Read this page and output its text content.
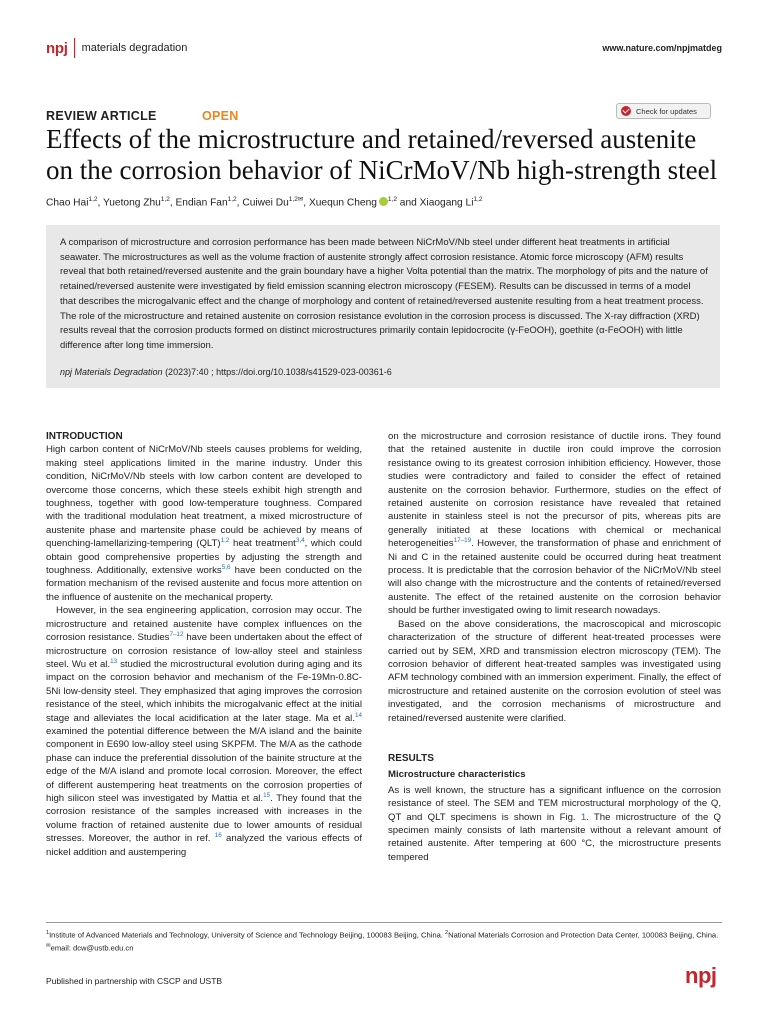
npj materials degradation	www.nature.com/npjmatdeg
REVIEW ARTICLE	OPEN	Check for updates
Effects of the microstructure and retained/reversed austenite on the corrosion behavior of NiCrMoV/Nb high-strength steel
Chao Hai$^{1,2}$, Yuetong Zhu$^{1,2}$, Endian Fan$^{1,2}$, Cuiwei $Du^{1,2✉}$, Xuequn Cheng $^{1,2}$ and Xiaogang Li$^{1,2}$
A comparison of microstructure and corrosion performance has been made between NiCrMoV/Nb steel under different heat treatments in artificial seawater. The microstructures as well as the volume fraction of austenite strongly affect corrosion resistance. Atomic force microscopy (AFM) results reveal that both retained/reversed austenite and the grain boundary have a higher Volta potential than the matrix. The morphology of pits and the nature of retained/reversed austenite were investigated by field emission scanning electron microscopy (FESEM). Results can be discussed in terms of a model that describes the microgalvanic effect and the change of morphology and content of retained/reversed austenite resulting from a heat treatment process. The role of the microstructure and retained austenite on corrosion resistance evolution in the corrosion process is discussed. The X-ray diffraction (XRD) results reveal that the corrosion products formed on distinct microstructures primarily contain lepidocrocite (γ-FeOOH), goethite (α-FeOOH) with little difference after long time immersion.
npj Materials Degradation (2023)7:40 ; https://doi.org/10.1038/s41529-023-00361-6
INTRODUCTION

High carbon content of NiCrMoV/Nb steels causes problems for welding, making steel applications limited in the marine industry. Under this condition, NiCrMoV/Nb steels with low carbon content are developed to overcome those concerns, which these steels exhibit high strength and toughness, together with good low-temperature toughness. Compared with the traditional modulation heat treatment, a mixed microstructure of austenite phase and martensite phase could be achieved by means of quenching-lamellarizing-tempering (QLT)$^{1,2}$ heat treatment$^{3,4}$, which could obtain good comprehensive properties by adjusting the strength and toughness. Additionally, extensive works$^{5,6}$ have been conducted on the formation mechanism of the revised austenite and focus more attention on the influence of austenite on the mechanical property.

However, in the sea engineering application, corrosion may occur. The microstructure and retained austenite have complex influences on the corrosion resistance. Studies$^{7-12}$ have been undertaken about the effect of microstructure on corrosion resistance of low-alloy steel and stainless steel. Wu et al.$^{13}$ studied the microstructural evolution during aging and its impact on the corrosion behavior and mechanism of the Fe-19Mn-0.8C-5Ni low-density steel. They emphasized that aging improves the corrosion resistance of the steel, which inhibits the microgalvanic effect at the initial stage and alleviates the local acidification at the later stage. Ma et al.$^{14}$ examined the potential difference between the M/A island and the bainite component in E690 low-alloy steel using SKPFM. The M/A as the cathode phase can induce the preferential dissolution of the bainite structure at the edge of the M/A island and promote local corrosion. Moreover, the effect of different austempering heat treatments on the corrosion properties of high silicon steel was investigated by Mattia et al.$^{15}$. They found that the corrosion resistance of the samples increased with increases in the volume fraction of retained austenite due to lower amounts of residual stresses. Moreover, the author in ref. $^{16}$ analyzed the various effects of nickel addition and austempering

on the microstructure and corrosion resistance of ductile irons. They found that the retained austenite in ductile iron could improve the corrosion resistance owing to its greatest corrosion inhibition efficiency. However, those studies were contradictory and failed to consider the effect of retained austenite on the corrosion behavior. Furthermore, studies on the effect of retained austenite on corrosion resistance have revealed that retained austenite in stainless steel is not the precursor of pits, whereas pits are generally initiated at these locations with chemical or mechanical heterogeneities$^{17-19}$. However, the transformation of phase and enrichment of Ni and C in the retained austenite could be occurred during heat treatment process. It is predictable that the corrosion behavior of the NiCrMoV/Nb steel will also change with the microstructure and the contents of retained/reversed austenite. The effect of the retained austenite on the corrosion behavior should be further investigated owing to limit research nowadays.

Based on the above considerations, the macroscopical and microscopic characterization of the structure of different heat-treated processes were carried out by SEM, XRD and transmission electron microscopy (TEM). The corrosion behavior of different heat-treated samples was investigated using AFM technology combined with an immersion experiment. Finally, the effect of microstructure and retained austenite on the corrosion evolution of steel was investigated, and the corrosion mechanisms of microstructure and retained/reversed austenite were clarified.

RESULTS
Microstructure characteristics

As is well known, the structure has a significant influence on the corrosion resistance of steel. The SEM and TEM microstructural morphology of the Q, QT and QLT specimens is shown in Fig. 1. The microstructure of the Q specimen mainly consists of lath martensite without a relevant amount of retained austenite. After tempering at 600 °C, the microstructure presents tempered

$^1$Institute of Advanced Materials and Technology, University of Science and Technology Beijing, 100083 Beijing, China. $^2$National Materials Corrosion and Protection Data Center, 100083 Beijing, China. ✉email: dcw@ustb.edu.cn
Published in partnership with CSCP and USTB	npj
